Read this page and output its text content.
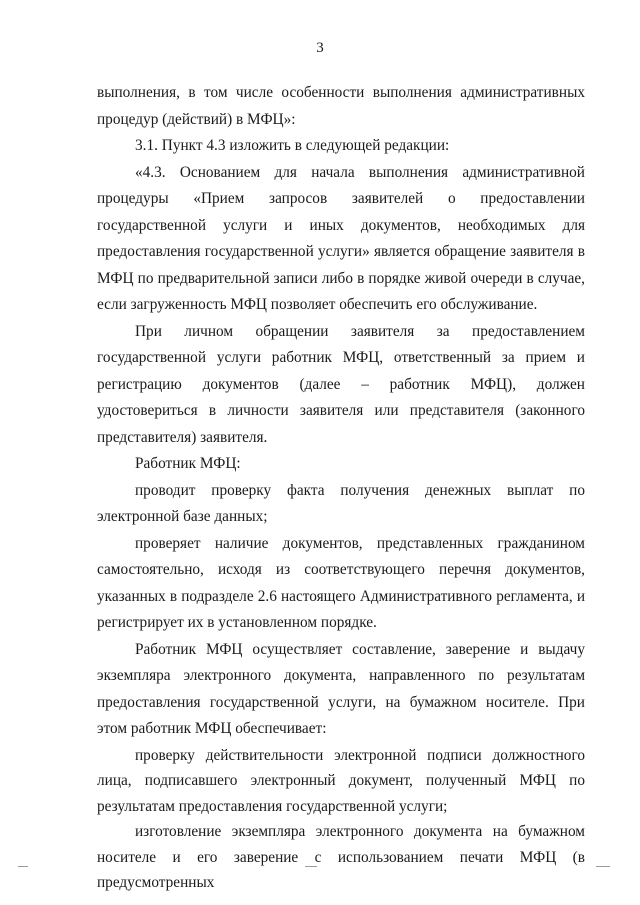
3

выполнения, в том числе особенности выполнения административных процедур (действий) в МФЦ»:

3.1. Пункт 4.3 изложить в следующей редакции:

«4.3. Основанием для начала выполнения административной процедуры «Прием запросов заявителей о предоставлении государственной услуги и иных документов, необходимых для предоставления государственной услуги» является обращение заявителя в МФЦ по предварительной записи либо в порядке живой очереди в случае, если загруженность МФЦ позволяет обеспечить его обслуживание.

При личном обращении заявителя за предоставлением государственной услуги работник МФЦ, ответственный за прием и регистрацию документов (далее – работник МФЦ), должен удостовериться в личности заявителя или представителя (законного представителя) заявителя.

Работник МФЦ:

проводит проверку факта получения денежных выплат по электронной базе данных;

проверяет наличие документов, представленных гражданином самостоятельно, исходя из соответствующего перечня документов, указанных в подразделе 2.6 настоящего Административного регламента, и регистрирует их в установленном порядке.

Работник МФЦ осуществляет составление, заверение и выдачу экземпляра электронного документа, направленного по результатам предоставления государственной услуги, на бумажном носителе. При этом работник МФЦ обеспечивает:

проверку действительности электронной подписи должностного лица, подписавшего электронный документ, полученный МФЦ по результатам предоставления государственной услуги;

изготовление экземпляра электронного документа на бумажном носителе и его заверение с использованием печати МФЦ (в предусмотренных
